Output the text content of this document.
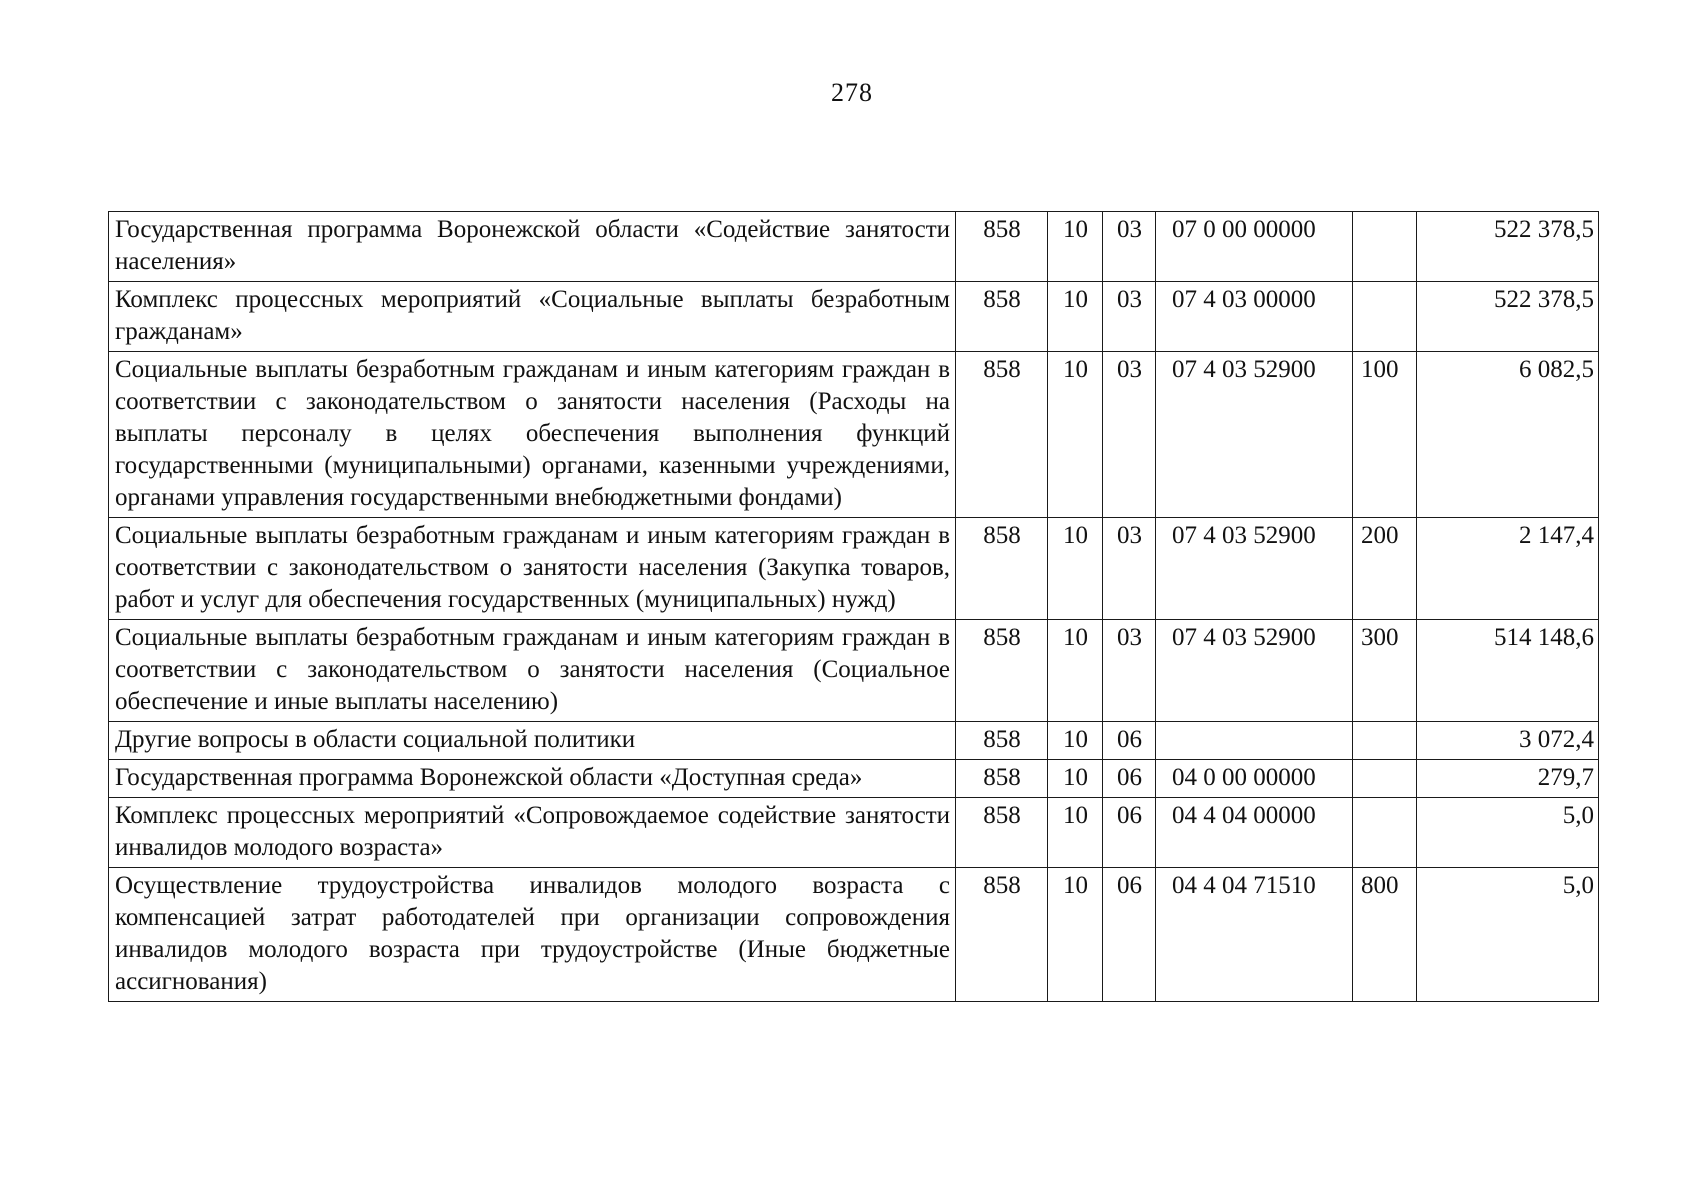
278
Государственная программа Воронежской области «Содействие занятости населения»	858	10	03	07 0 00 00000		522 378,5
Комплекс процессных мероприятий «Социальные выплаты безработным гражданам»	858	10	03	07 4 03 00000		522 378,5
Социальные выплаты безработным гражданам и иным категориям граждан в соответствии с законодательством о занятости населения (Расходы на выплаты персоналу в целях обеспечения выполнения функций государственными (муниципальными) органами, казенными учреждениями, органами управления государственными внебюджетными фондами)	858	10	03	07 4 03 52900	100	6 082,5
Социальные выплаты безработным гражданам и иным категориям граждан в соответствии с законодательством о занятости населения (Закупка товаров, работ и услуг для обеспечения государственных (муниципальных) нужд)	858	10	03	07 4 03 52900	200	2 147,4
Социальные выплаты безработным гражданам и иным категориям граждан в соответствии с законодательством о занятости населения (Социальное обеспечение и иные выплаты населению)	858	10	03	07 4 03 52900	300	514 148,6
Другие вопросы в области социальной политики	858	10	06			3 072,4
Государственная программа Воронежской области «Доступная среда»	858	10	06	04 0 00 00000		279,7
Комплекс процессных мероприятий «Сопровождаемое содействие занятости инвалидов молодого возраста»	858	10	06	04 4 04 00000		5,0
Осуществление трудоустройства инвалидов молодого возраста с компенсацией затрат работодателей при организации сопровождения инвалидов молодого возраста при трудоустройстве (Иные бюджетные ассигнования)	858	10	06	04 4 04 71510	800	5,0
